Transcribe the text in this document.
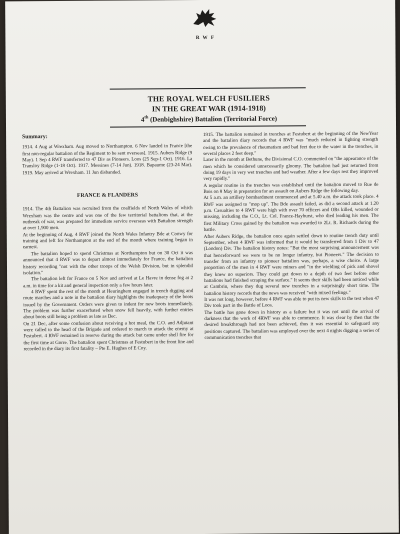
R W F
THE ROYAL WELCH FUSILIERS
IN THE GREAT WAR (1914-1918)
4th (Denbighshire) Battalion (Territorial Force)

Summary:

1914. 4 Aug at Wrexham. Aug moved to Northampton. 6 Nov landed in France [the first non-regular battalion of the Regiment to be sent overseas]. 1915. Aubers Ridge (9 May). 1 Sep 4 RWF transferred to 47 Div as Pioneers. Loos (25 Sep-1 Oct). 1916. La Transloy Ridge (1-18 Oct). 1917. Messines (7-14 Jun). 1918. Bapaume (23-24 Mar). 1919. May arrived at Wrexham. 11 Jun disbanded.

FRANCE & FLANDERS

1914. The 4th Battalion was recruited from the coalfields of North Wales of which Wrexham was the centre and was one of the few territorial battalions that, at the outbreak of war, was prepared for immediate service overseas with Battalion strength at over 1,900 men.

At the beginning of Aug, 4 RWF joined the North Wales Infantry Bde at Conwy for training and left for Northampton at the end of the month where training began in earnest.

The battalion hoped to spend Christmas at Northampton but on 30 Oct it was announced that 4 RWF was to depart almost immediately for France, the battalion history recording "not with the other troops of the Welsh Division, but in splendid isolation."

The battalion left for France on 5 Nov and arrived at Le Havre in dense fog at 2 a.m. in time for a kit and general inspection only a few hours later.

4 RWF spent the rest of the month at Heuringhem engaged in trench digging and route marches and a note in the battalion diary highlights the inadequacy of the boots issued by the Government. Orders were given to indent for new boots immediately. The problem was further exacerbated when snow fell heavily, with further entries about boots still being a problem as late as Dec.

On 21 Dec, after some confusion about receiving a hot meal, the C.O. and Adjutant were called to the head of the Brigade and ordered to march to attack the enemy at Festubert. 4 RWF remained in reserve during the attack but came under shell fire for the first time at Gorre. The battalion spent Christmas at Festubert in the front line and recorded in the diary its first fatality – Pte E. Hughes of E Coy.

1915. The battalion remained in trenches at Festubert at the beginning of the NewYear and the battalion diary records that 4 RWF was "much reduced in fighting strength owing to the prevalence of rheumatism and bad feet due to the water in the trenches, in several places 2 feet deep."

Later in the month at Bethune, the Divisional C.O. commented on "the appearance of the men which he considered unnecessarily gloomy. The battalion had just returned from doing 19 days in very wet trenches and bad weather. After a few days rest they improved very rapidly."

A regular routine in the trenches was established until the battalion moved to Rue de Bois on 8 May in preparation for an assault on Aubers Ridge the following day.

At 5 a.m. an artillery bombardment commenced and at 5.40 a.m. the attack took place. 4 RWF was assigned to "mop up". The Bde assault failed, as did a second attack at 1.20 p.m. Casualties to 4 RWF were high with over 70 officers and ORs killed, wounded or missing, including the C.O., Lt. Col. France-Hayhurst, who died leading his men. The first Military Cross gained by the battalion was awarded to 2Lt. R. Richards during the battle.

After Aubers Ridge, the battalion once again settled down to routine trench duty until September, when 4 RWF was informed that it would be transferred from 1 Div to 47 (London) Div. The battalion history notes: "But the most surprising announcement was that henceforward we were to be no longer infantry, but Pioneers." The decision to transfer from an infantry to pioneer battalion was, perhaps, a wise choice. A large proportion of the men in 4 RWF were miners and "in the wielding of pick and shovel they knew no superiors. They could get down to a depth of two feet before other battalions had finished scraping the surface." It seems their skills had been noticed while at Cambrin, where they dug several new trenches in a surprisingly short time. The battalion history records that the news was received "with mixed feelings."

It was not long, however, before 4 RWF was able to put its new skills to the test when 47 Div took part in the Battle of Loos.

The battle has gone down in history as a failure but it was not until the arrival of darkness that the work of 4RWF was able to commence. It was clear by then that the desired breakthrough had not been achieved, thus it was essential to safeguard any positions captured. The battalion was employed over the next 4 nights digging a series of communication trenches that
